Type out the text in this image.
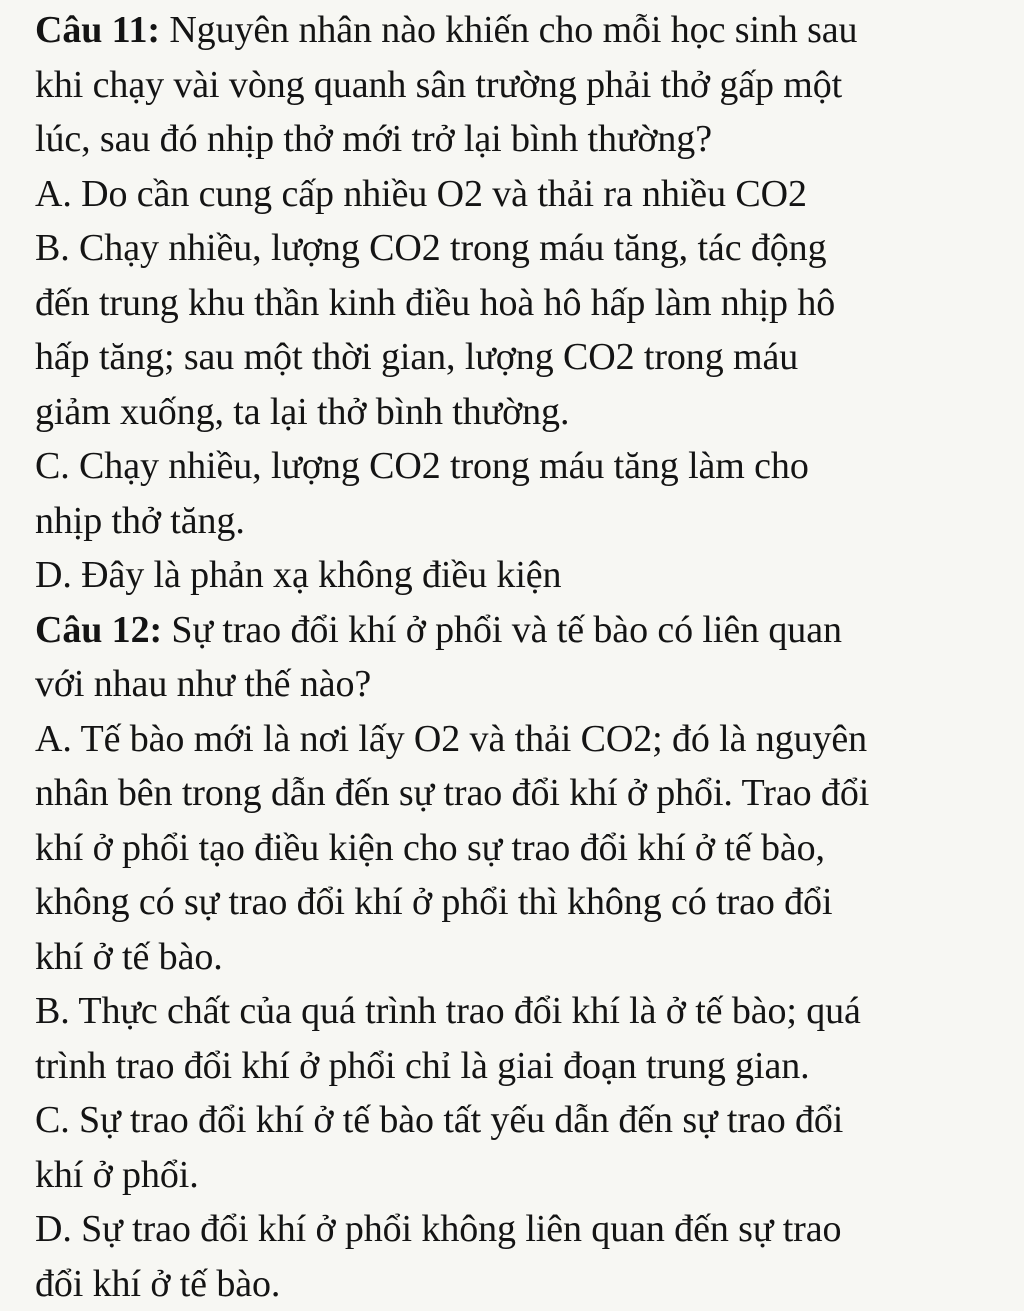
Câu 11: Nguyên nhân nào khiến cho mỗi học sinh sau
khi chạy vài vòng quanh sân trường phải thở gấp một
lúc, sau đó nhịp thở mới trở lại bình thường?
A. Do cần cung cấp nhiều O2 và thải ra nhiều CO2
B. Chạy nhiều, lượng CO2 trong máu tăng, tác động
đến trung khu thần kinh điều hoà hô hấp làm nhịp hô
hấp tăng; sau một thời gian, lượng CO2 trong máu
giảm xuống, ta lại thở bình thường.
C. Chạy nhiều, lượng CO2 trong máu tăng làm cho
nhịp thở tăng.
D. Đây là phản xạ không điều kiện
Câu 12: Sự trao đổi khí ở phổi và tế bào có liên quan
với nhau như thế nào?
A. Tế bào mới là nơi lấy O2 và thải CO2; đó là nguyên
nhân bên trong dẫn đến sự trao đổi khí ở phổi. Trao đổi
khí ở phổi tạo điều kiện cho sự trao đổi khí ở tế bào,
không có sự trao đổi khí ở phổi thì không có trao đổi
khí ở tế bào.
B. Thực chất của quá trình trao đổi khí là ở tế bào; quá
trình trao đổi khí ở phổi chỉ là giai đoạn trung gian.
C. Sự trao đổi khí ở tế bào tất yếu dẫn đến sự trao đổi
khí ở phổi.
D. Sự trao đổi khí ở phổi không liên quan đến sự trao
đổi khí ở tế bào.
